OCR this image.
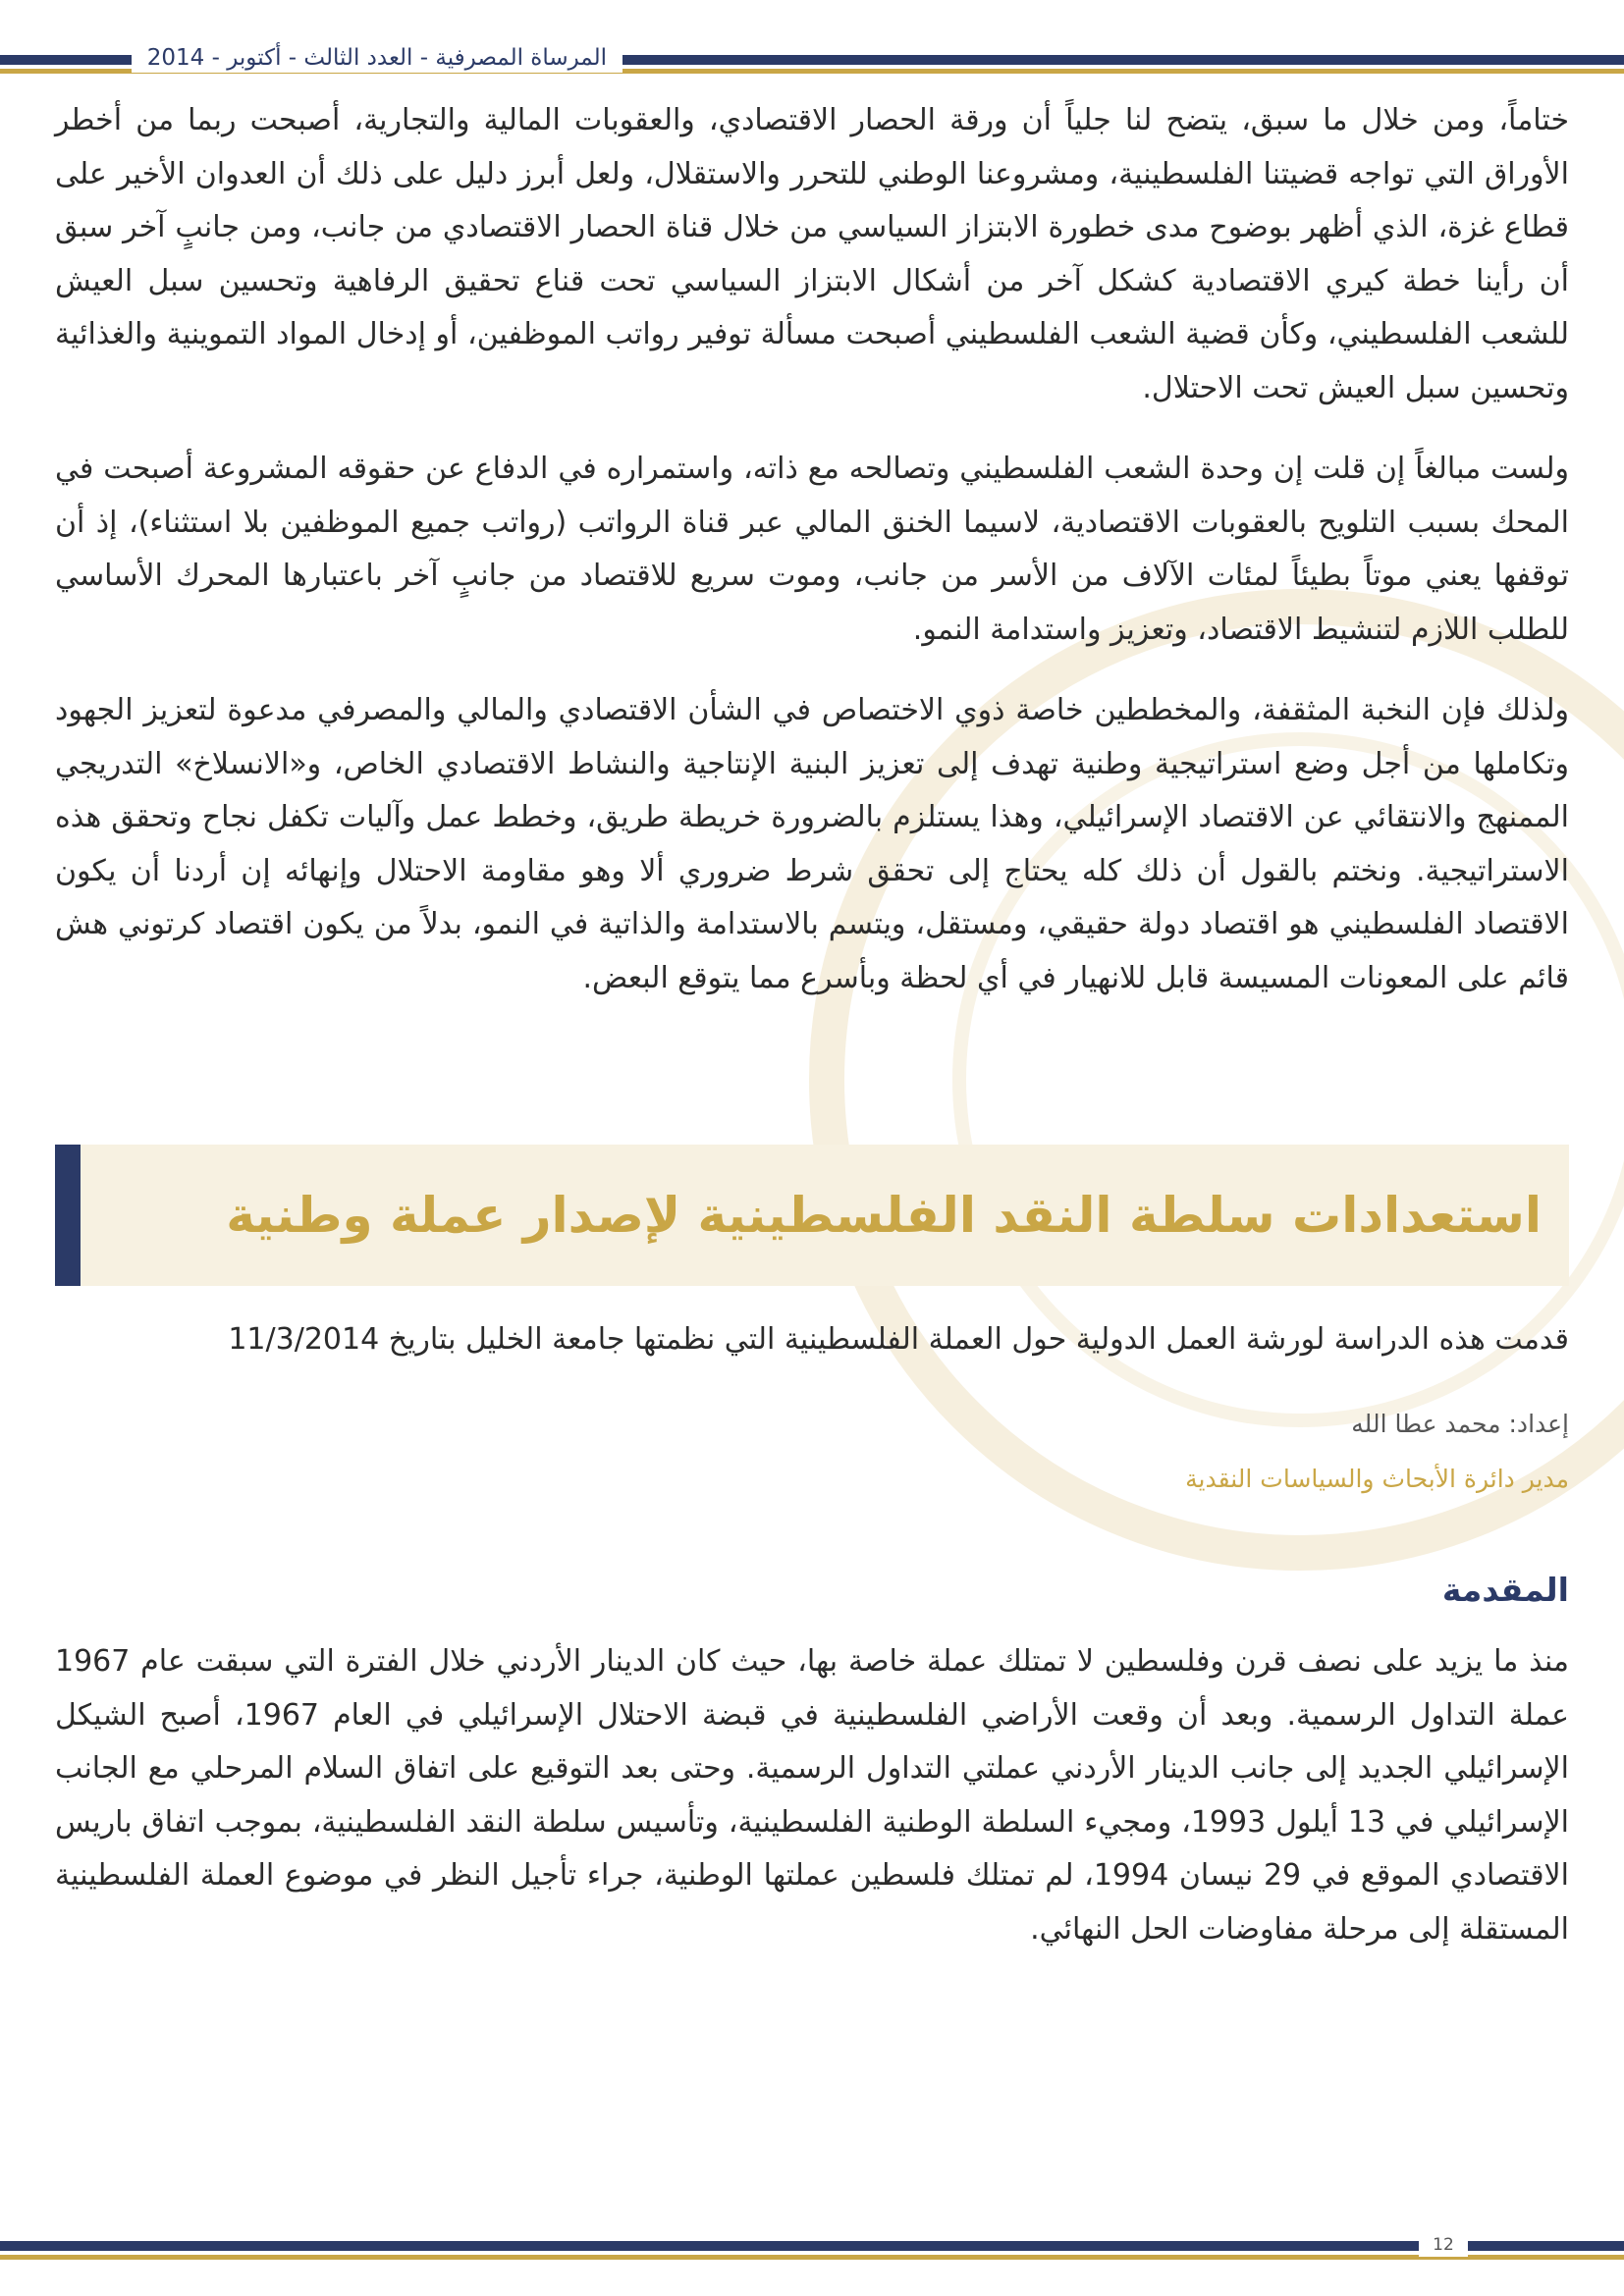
المرساة المصرفية - العدد الثالث - أكتوبر - 2014

ختاماً، ومن خلال ما سبق، يتضح لنا جلياً أن ورقة الحصار الاقتصادي، والعقوبات المالية والتجارية، أصبحت ربما من أخطر الأوراق التي تواجه قضيتنا الفلسطينية، ومشروعنا الوطني للتحرر والاستقلال، ولعل أبرز دليل على ذلك أن العدوان الأخير على قطاع غزة، الذي أظهر بوضوح مدى خطورة الابتزاز السياسي من خلال قناة الحصار الاقتصادي من جانب، ومن جانبٍ آخر سبق أن رأينا خطة كيري الاقتصادية كشكل آخر من أشكال الابتزاز السياسي تحت قناع تحقيق الرفاهية وتحسين سبل العيش للشعب الفلسطيني، وكأن قضية الشعب الفلسطيني أصبحت مسألة توفير رواتب الموظفين، أو إدخال المواد التموينية والغذائية وتحسين سبل العيش تحت الاحتلال.

ولست مبالغاً إن قلت إن وحدة الشعب الفلسطيني وتصالحه مع ذاته، واستمراره في الدفاع عن حقوقه المشروعة أصبحت في المحك بسبب التلويح بالعقوبات الاقتصادية، لاسيما الخنق المالي عبر قناة الرواتب (رواتب جميع الموظفين بلا استثناء)، إذ أن توقفها يعني موتاً بطيئاً لمئات الآلاف من الأسر من جانب، وموت سريع للاقتصاد من جانبٍ آخر باعتبارها المحرك الأساسي للطلب اللازم لتنشيط الاقتصاد، وتعزيز واستدامة النمو.

ولذلك فإن النخبة المثقفة، والمخططين خاصة ذوي الاختصاص في الشأن الاقتصادي والمالي والمصرفي مدعوة لتعزيز الجهود وتكاملها من أجل وضع استراتيجية وطنية تهدف إلى تعزيز البنية الإنتاجية والنشاط الاقتصادي الخاص، و«الانسلاخ» التدريجي الممنهج والانتقائي عن الاقتصاد الإسرائيلي، وهذا يستلزم بالضرورة خريطة طريق، وخطط عمل وآليات تكفل نجاح وتحقق هذه الاستراتيجية. ونختم بالقول أن ذلك كله يحتاج إلى تحقق شرط ضروري ألا وهو مقاومة الاحتلال وإنهائه إن أردنا أن يكون الاقتصاد الفلسطيني هو اقتصاد دولة حقيقي، ومستقل، ويتسم بالاستدامة والذاتية في النمو، بدلاً من يكون اقتصاد كرتوني هش قائم على المعونات المسيسة قابل للانهيار في أي لحظة وبأسرع مما يتوقع البعض.

استعدادات سلطة النقد الفلسطينية لإصدار عملة وطنية
قدمت هذه الدراسة لورشة العمل الدولية حول العملة الفلسطينية التي نظمتها جامعة الخليل بتاريخ 11/3/2014
إعداد: محمد عطا الله
مدير دائرة الأبحاث والسياسات النقدية
المقدمة

منذ ما يزيد على نصف قرن وفلسطين لا تمتلك عملة خاصة بها، حيث كان الدينار الأردني خلال الفترة التي سبقت عام 1967 عملة التداول الرسمية. وبعد أن وقعت الأراضي الفلسطينية في قبضة الاحتلال الإسرائيلي في العام 1967، أصبح الشيكل الإسرائيلي الجديد إلى جانب الدينار الأردني عملتي التداول الرسمية. وحتى بعد التوقيع على اتفاق السلام المرحلي مع الجانب الإسرائيلي في 13 أيلول 1993، ومجيء السلطة الوطنية الفلسطينية، وتأسيس سلطة النقد الفلسطينية، بموجب اتفاق باريس الاقتصادي الموقع في 29 نيسان 1994، لم تمتلك فلسطين عملتها الوطنية، جراء تأجيل النظر في موضوع العملة الفلسطينية المستقلة إلى مرحلة مفاوضات الحل النهائي.

12
